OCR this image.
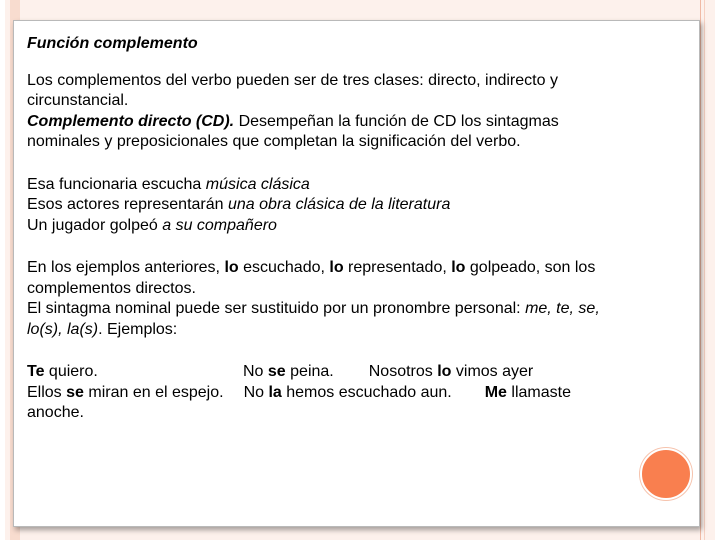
Función complemento

Los complementos del verbo pueden ser de tres clases: directo, indirecto y

circunstancial.

Complemento directo (CD). Desempeñan la función de CD los sintagmas

nominales y preposicionales que completan la significación del verbo.

Esa funcionaria escucha música clásica

Esos actores representarán una obra clásica de la literatura

Un jugador golpeó a su compañero

En los ejemplos anteriores, lo escuchado, lo representado, lo golpeado, son los

complementos directos.

El sintagma nominal puede ser sustituido por un pronombre personal: me, te, se,

lo(s), la(s). Ejemplos:

Te quiero.	No se peina. Nosotros lo vimos ayer

Ellos se miran en el espejo. No la hemos escuchado aun. Me llamaste

anoche.
